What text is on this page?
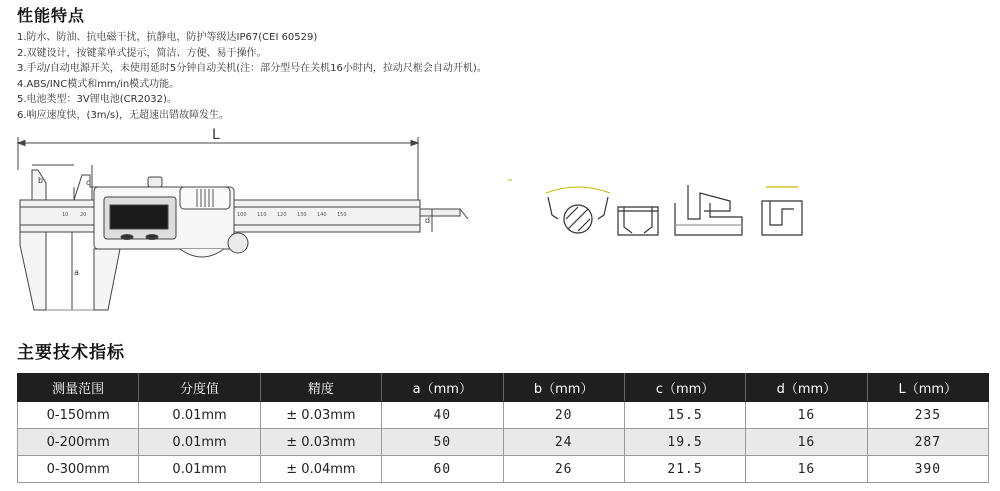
性能特点
1.防水、防油、抗电磁干扰，抗静电，防护等级达IP67(CEI 60529)
2.双键设计，按键菜单式提示，简洁、方便、易于操作。
3.手动/自动电源开关，未使用延时5分钟自动关机(注：部分型号在关机16小时内，拉动尺框会自动开机)。
4.ABS/INC模式和mm/in模式功能。
5.电池类型：3V锂电池(CR2032)。
6.响应速度快，(3m/s)，无超速出错故障发生。
10 20	100 110 120 130 140 150
L
b	c
a
d
主要技术指标
测量范围	分度值	精度	a（mm）	b（mm）	c（mm）	d（mm）	L（mm）
0-150mm	0.01mm	± 0.03mm	40	20	15.5	16	235
0-200mm	0.01mm	± 0.03mm	50	24	19.5	16	287
0-300mm	0.01mm	± 0.04mm	60	26	21.5	16	390
